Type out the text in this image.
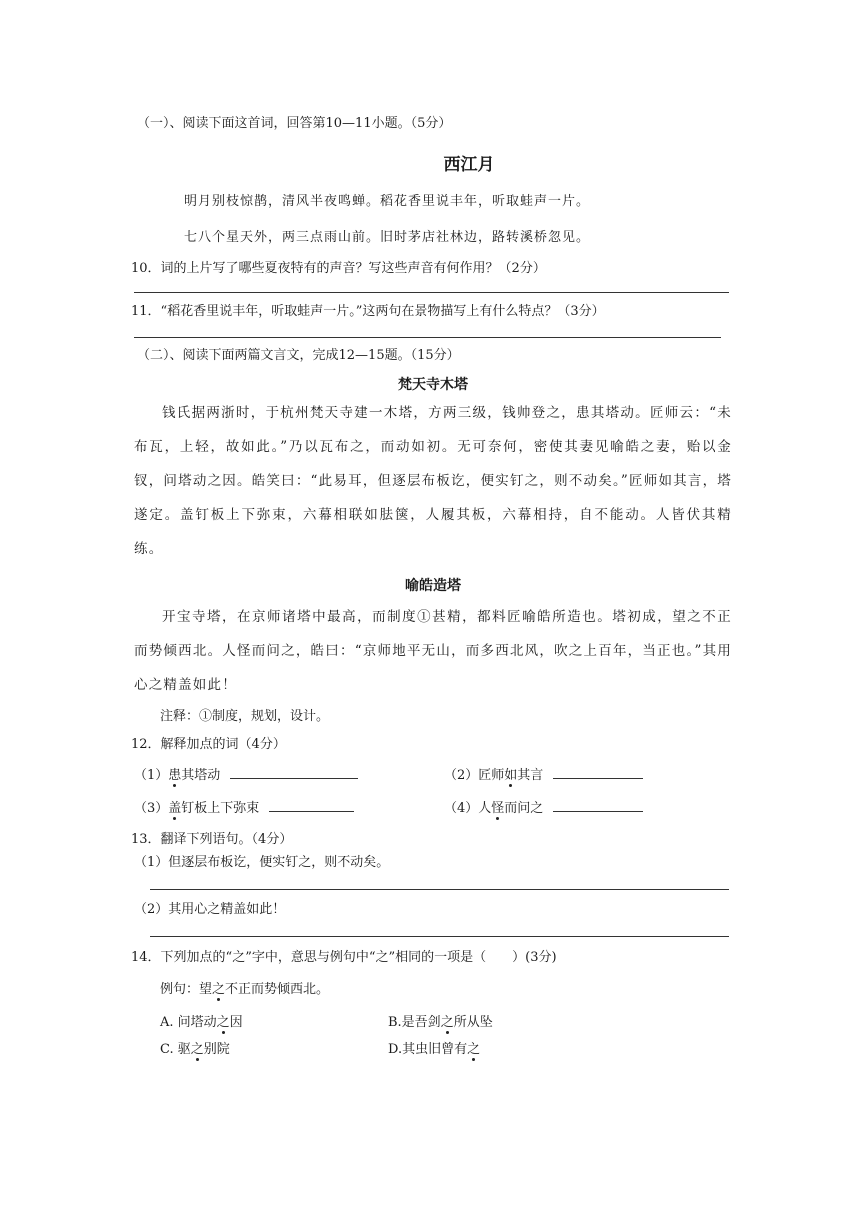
（一）、阅读下面这首词，回答第10—11小题。（5分）
西江月
明月别枝惊鹊，清风半夜鸣蝉。稻花香里说丰年，听取蛙声一片。
七八个星天外，两三点雨山前。旧时茅店社林边，路转溪桥忽见。
10．词的上片写了哪些夏夜特有的声音？写这些声音有何作用？（2分）
11．“稻花香里说丰年，听取蛙声一片。”这两句在景物描写上有什么特点？（3分）
（二）、阅读下面两篇文言文，完成12—15题。（15分）
梵天寺木塔
钱氏据两浙时，于杭州梵天寺建一木塔，方两三级，钱帅登之，患其塔动。匠师云：“未布瓦，上轻，故如此。”乃以瓦布之，而动如初。无可奈何，密使其妻见喻皓之妻，贻以金钗，问塔动之因。皓笑曰：“此易耳，但逐层布板讫，便实钉之，则不动矣。”匠师如其言，塔遂定。盖钉板上下弥束，六幕相联如胠箧，人履其板，六幕相持，自不能动。人皆伏其精练。
喻皓造塔
开宝寺塔，在京师诸塔中最高，而制度①甚精，都料匠喻皓所造也。塔初成，望之不正而势倾西北。人怪而问之，皓曰：“京师地平无山，而多西北风，吹之上百年，当正也。”其用心之精盖如此！
注释：①制度，规划，设计。
12．解释加点的词（4分）
（1）患其塔动	（2）匠师如其言
（3）盖钉板上下弥束	（4）人怪而问之
13．翻译下列语句。（4分）
（1）但逐层布板讫，便实钉之，则不动矣。
（2）其用心之精盖如此！
14．下列加点的“之”字中，意思与例句中“之”相同的一项是（　　）(3分)
例句：望之不正而势倾西北。
A. 问塔动之因	B.是吾剑之所从坠
C. 驱之别院	D.其虫旧曾有之
